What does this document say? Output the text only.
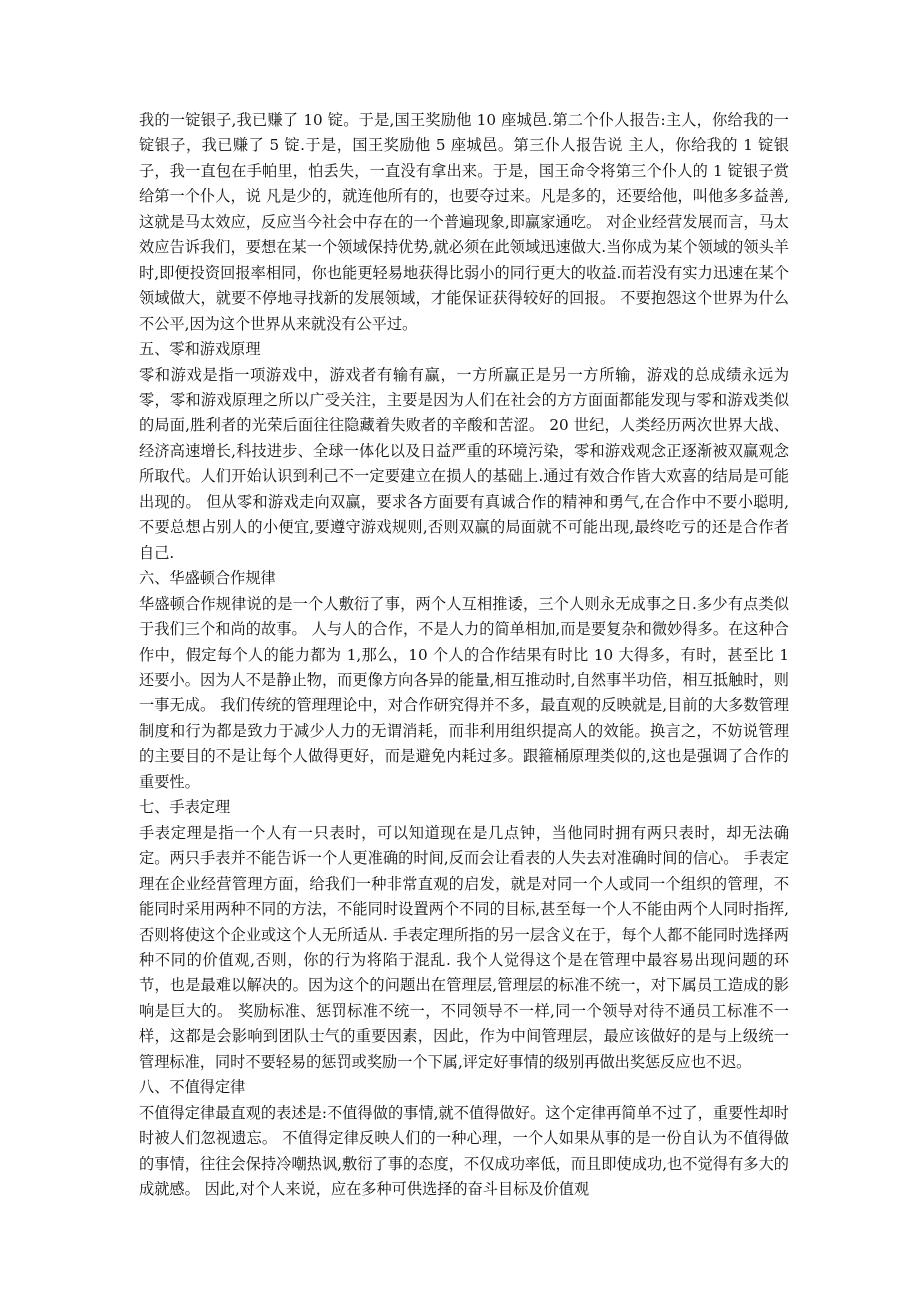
我的一锭银子,我已赚了 10 锭。于是,国王奖励他 10 座城邑.第二个仆人报告:主人，你给我的一锭银子，我已赚了 5 锭.于是，国王奖励他 5 座城邑。第三仆人报告说 主人，你给我的 1 锭银子，我一直包在手帕里，怕丢失，一直没有拿出来。于是，国王命令将第三个仆人的 1 锭银子赏给第一个仆人，说 凡是少的，就连他所有的，也要夺过来。凡是多的，还要给他，叫他多多益善,这就是马太效应，反应当今社会中存在的一个普遍现象,即赢家通吃。 对企业经营发展而言，马太效应告诉我们，要想在某一个领域保持优势,就必须在此领域迅速做大.当你成为某个领域的领头羊时,即便投资回报率相同，你也能更轻易地获得比弱小的同行更大的收益.而若没有实力迅速在某个领域做大，就要不停地寻找新的发展领域，才能保证获得较好的回报。 不要抱怨这个世界为什么不公平,因为这个世界从来就没有公平过。

五、零和游戏原理

零和游戏是指一项游戏中，游戏者有输有赢，一方所赢正是另一方所输，游戏的总成绩永远为零，零和游戏原理之所以广受关注，主要是因为人们在社会的方方面面都能发现与零和游戏类似的局面,胜利者的光荣后面往往隐藏着失败者的辛酸和苦涩。 20 世纪，人类经历两次世界大战、经济高速增长,科技进步、全球一体化以及日益严重的环境污染，零和游戏观念正逐渐被双赢观念所取代。人们开始认识到利己不一定要建立在损人的基础上.通过有效合作皆大欢喜的结局是可能出现的。 但从零和游戏走向双赢，要求各方面要有真诚合作的精神和勇气,在合作中不要小聪明,不要总想占别人的小便宜,要遵守游戏规则,否则双赢的局面就不可能出现,最终吃亏的还是合作者自己.

六、华盛顿合作规律

华盛顿合作规律说的是一个人敷衍了事，两个人互相推诿，三个人则永无成事之日.多少有点类似于我们三个和尚的故事。 人与人的合作，不是人力的简单相加,而是要复杂和微妙得多。在这种合作中，假定每个人的能力都为 1,那么，10 个人的合作结果有时比 10 大得多，有时，甚至比 1 还要小。因为人不是静止物，而更像方向各异的能量,相互推动时,自然事半功倍，相互抵触时，则一事无成。 我们传统的管理理论中，对合作研究得并不多，最直观的反映就是,目前的大多数管理制度和行为都是致力于减少人力的无谓消耗，而非利用组织提高人的效能。换言之，不妨说管理的主要目的不是让每个人做得更好，而是避免内耗过多。跟箍桶原理类似的,这也是强调了合作的重要性。

七、手表定理

手表定理是指一个人有一只表时，可以知道现在是几点钟，当他同时拥有两只表时，却无法确定。两只手表并不能告诉一个人更准确的时间,反而会让看表的人失去对准确时间的信心。 手表定理在企业经营管理方面，给我们一种非常直观的启发，就是对同一个人或同一个组织的管理，不能同时采用两种不同的方法，不能同时设置两个不同的目标,甚至每一个人不能由两个人同时指挥,否则将使这个企业或这个人无所适从. 手表定理所指的另一层含义在于，每个人都不能同时选择两种不同的价值观,否则，你的行为将陷于混乱. 我个人觉得这个是在管理中最容易出现问题的环节，也是最难以解决的。因为这个的问题出在管理层,管理层的标准不统一，对下属员工造成的影响是巨大的。 奖励标准、惩罚标准不统一，不同领导不一样,同一个领导对待不通员工标准不一样，这都是会影响到团队士气的重要因素，因此，作为中间管理层，最应该做好的是与上级统一管理标准，同时不要轻易的惩罚或奖励一个下属,评定好事情的级别再做出奖惩反应也不迟。

八、不值得定律

不值得定律最直观的表述是:不值得做的事情,就不值得做好。这个定律再简单不过了，重要性却时时被人们忽视遗忘。 不值得定律反映人们的一种心理，一个人如果从事的是一份自认为不值得做的事情，往往会保持冷嘲热讽,敷衍了事的态度，不仅成功率低，而且即使成功,也不觉得有多大的成就感。 因此,对个人来说，应在多种可供选择的奋斗目标及价值观
